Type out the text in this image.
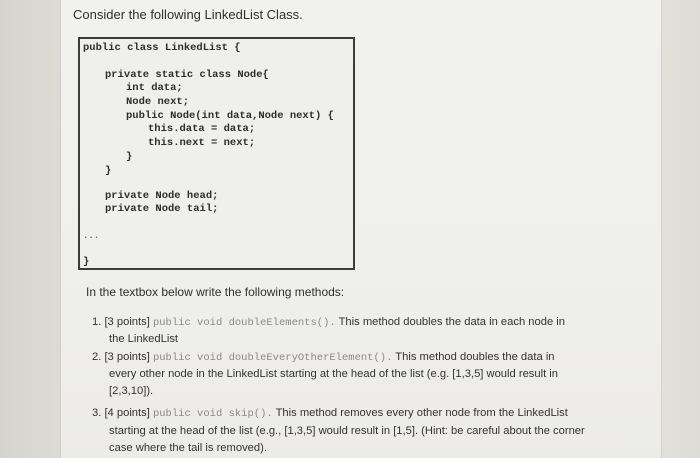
Consider the following LinkedList Class.

public class LinkedList {

private static class Node{

int data;

Node next;

public Node(int data,Node next) {

this.data = data;

this.next = next;

}

}

private Node head;

private Node tail;

...

}

In the textbox below write the following methods:

1. [3 points] public void doubleElements(). This method doubles the data in each node in

the LinkedList

2. [3 points] public void doubleEveryOtherElement(). This method doubles the data in

every other node in the LinkedList starting at the head of the list (e.g. [1,3,5] would result in

[2,3,10]).

3. [4 points] public void skip(). This method removes every other node from the LinkedList

starting at the head of the list (e.g., [1,3,5] would result in [1,5]. (Hint: be careful about the corner

case where the tail is removed).
